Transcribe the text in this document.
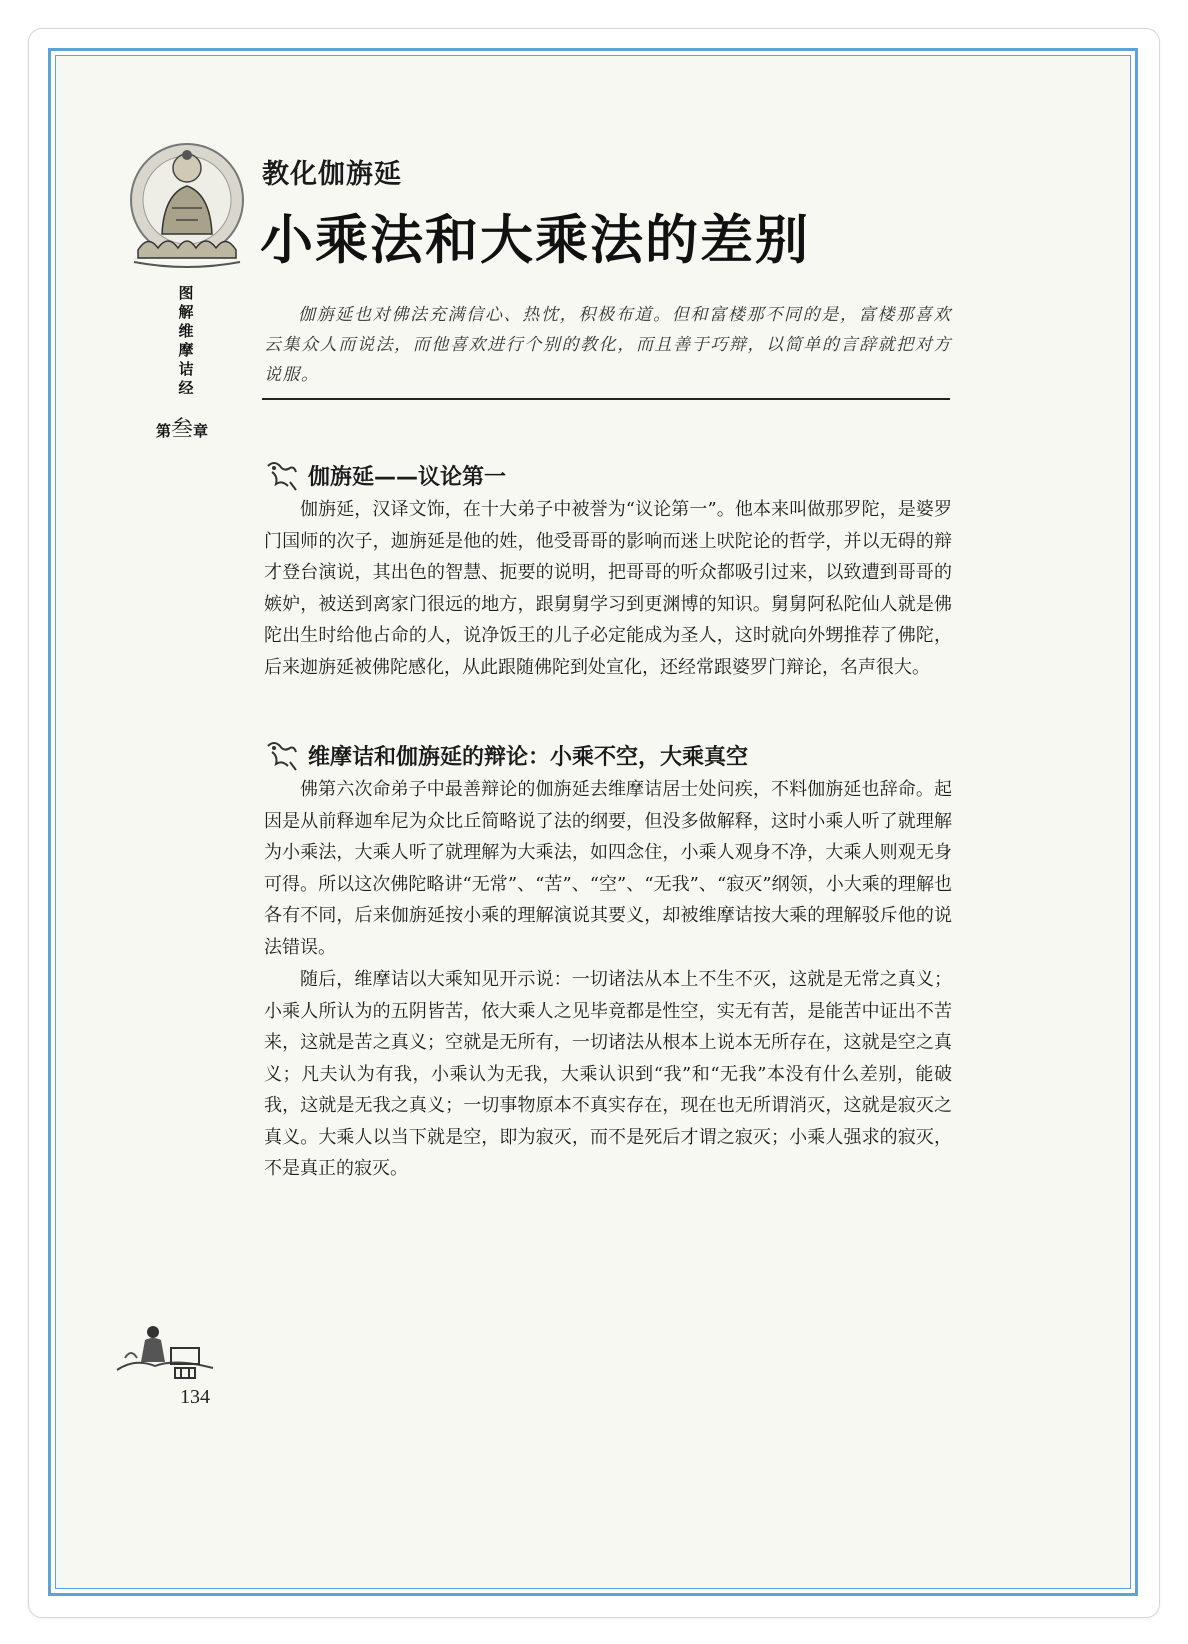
图
解
维
摩
诘
经
第叁章
教化伽旃延
小乘法和大乘法的差别
伽旃延也对佛法充满信心、热忱，积极布道。但和富楼那不同的是，富楼那喜欢云集众人而说法，而他喜欢进行个别的教化，而且善于巧辩，以简单的言辞就把对方说服。
伽旃延——议论第一
伽旃延，汉译文饰，在十大弟子中被誉为“议论第一”。他本来叫做那罗陀，是婆罗门国师的次子，迦旃延是他的姓，他受哥哥的影响而迷上吠陀论的哲学，并以无碍的辩才登台演说，其出色的智慧、扼要的说明，把哥哥的听众都吸引过来，以致遭到哥哥的嫉妒，被送到离家门很远的地方，跟舅舅学习到更渊博的知识。舅舅阿私陀仙人就是佛陀出生时给他占命的人，说净饭王的儿子必定能成为圣人，这时就向外甥推荐了佛陀，后来迦旃延被佛陀感化，从此跟随佛陀到处宣化，还经常跟婆罗门辩论，名声很大。
维摩诘和伽旃延的辩论：小乘不空，大乘真空
佛第六次命弟子中最善辩论的伽旃延去维摩诘居士处问疾，不料伽旃延也辞命。起因是从前释迦牟尼为众比丘简略说了法的纲要，但没多做解释，这时小乘人听了就理解为小乘法，大乘人听了就理解为大乘法，如四念住，小乘人观身不净，大乘人则观无身可得。所以这次佛陀略讲“无常”、“苦”、“空”、“无我”、“寂灭”纲领，小大乘的理解也各有不同，后来伽旃延按小乘的理解演说其要义，却被维摩诘按大乘的理解驳斥他的说法错误。
随后，维摩诘以大乘知见开示说：一切诸法从本上不生不灭，这就是无常之真义；小乘人所认为的五阴皆苦，依大乘人之见毕竟都是性空，实无有苦，是能苦中证出不苦来，这就是苦之真义；空就是无所有，一切诸法从根本上说本无所存在，这就是空之真义；凡夫认为有我，小乘认为无我，大乘认识到“我”和“无我”本没有什么差别，能破我，这就是无我之真义；一切事物原本不真实存在，现在也无所谓消灭，这就是寂灭之真义。大乘人以当下就是空，即为寂灭，而不是死后才谓之寂灭；小乘人强求的寂灭，不是真正的寂灭。
134
